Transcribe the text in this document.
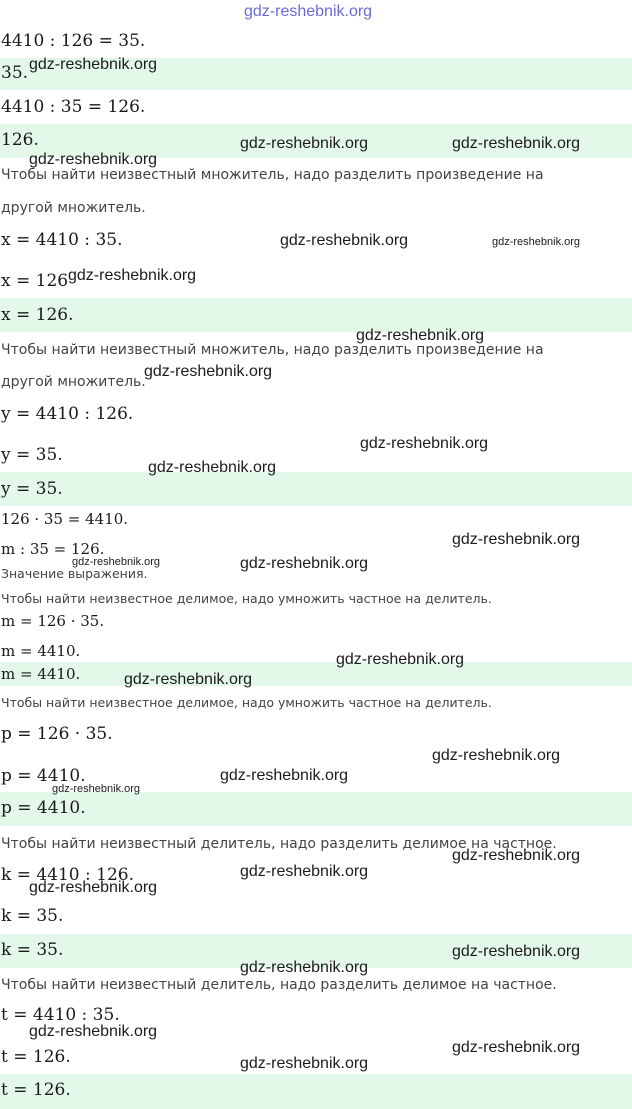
4410 : 126 = 35.
35.
4410 : 35 = 126.
126.
Чтобы найти неизвестный множитель, надо разделить произведение на
другой множитель.
x = 4410 : 35.
x = 126
x = 126.
Чтобы найти неизвестный множитель, надо разделить произведение на
другой множитель.
y = 4410 : 126.
y = 35.
y = 35.
126 · 35 = 4410.
m : 35 = 126.
Значение выражения.
Чтобы найти неизвестное делимое, надо умножить частное на делитель.
m = 126 · 35.
m = 4410.
m = 4410.
Чтобы найти неизвестное делимое, надо умножить частное на делитель.
p = 126 · 35.
p = 4410.
p = 4410.
Чтобы найти неизвестный делитель, надо разделить делимое на частное.
k = 4410 : 126.
k = 35.
k = 35.
Чтобы найти неизвестный делитель, надо разделить делимое на частное.
t = 4410 : 35.
t = 126.
t = 126.
gdz-reshebnik.org
gdz-reshebnik.org
gdz-reshebnik.org	gdz-reshebnik.org
gdz-reshebnik.org
gdz-reshebnik.org	gdz-reshebnik.org
gdz-reshebnik.org
gdz-reshebnik.org
gdz-reshebnik.org
gdz-reshebnik.org
gdz-reshebnik.org
gdz-reshebnik.org
gdz-reshebnik.org	gdz-reshebnik.org
gdz-reshebnik.org
gdz-reshebnik.org
gdz-reshebnik.org
gdz-reshebnik.org
gdz-reshebnik.org
gdz-reshebnik.org
gdz-reshebnik.org
gdz-reshebnik.org
gdz-reshebnik.org
gdz-reshebnik.org
gdz-reshebnik.org
gdz-reshebnik.org
gdz-reshebnik.org
